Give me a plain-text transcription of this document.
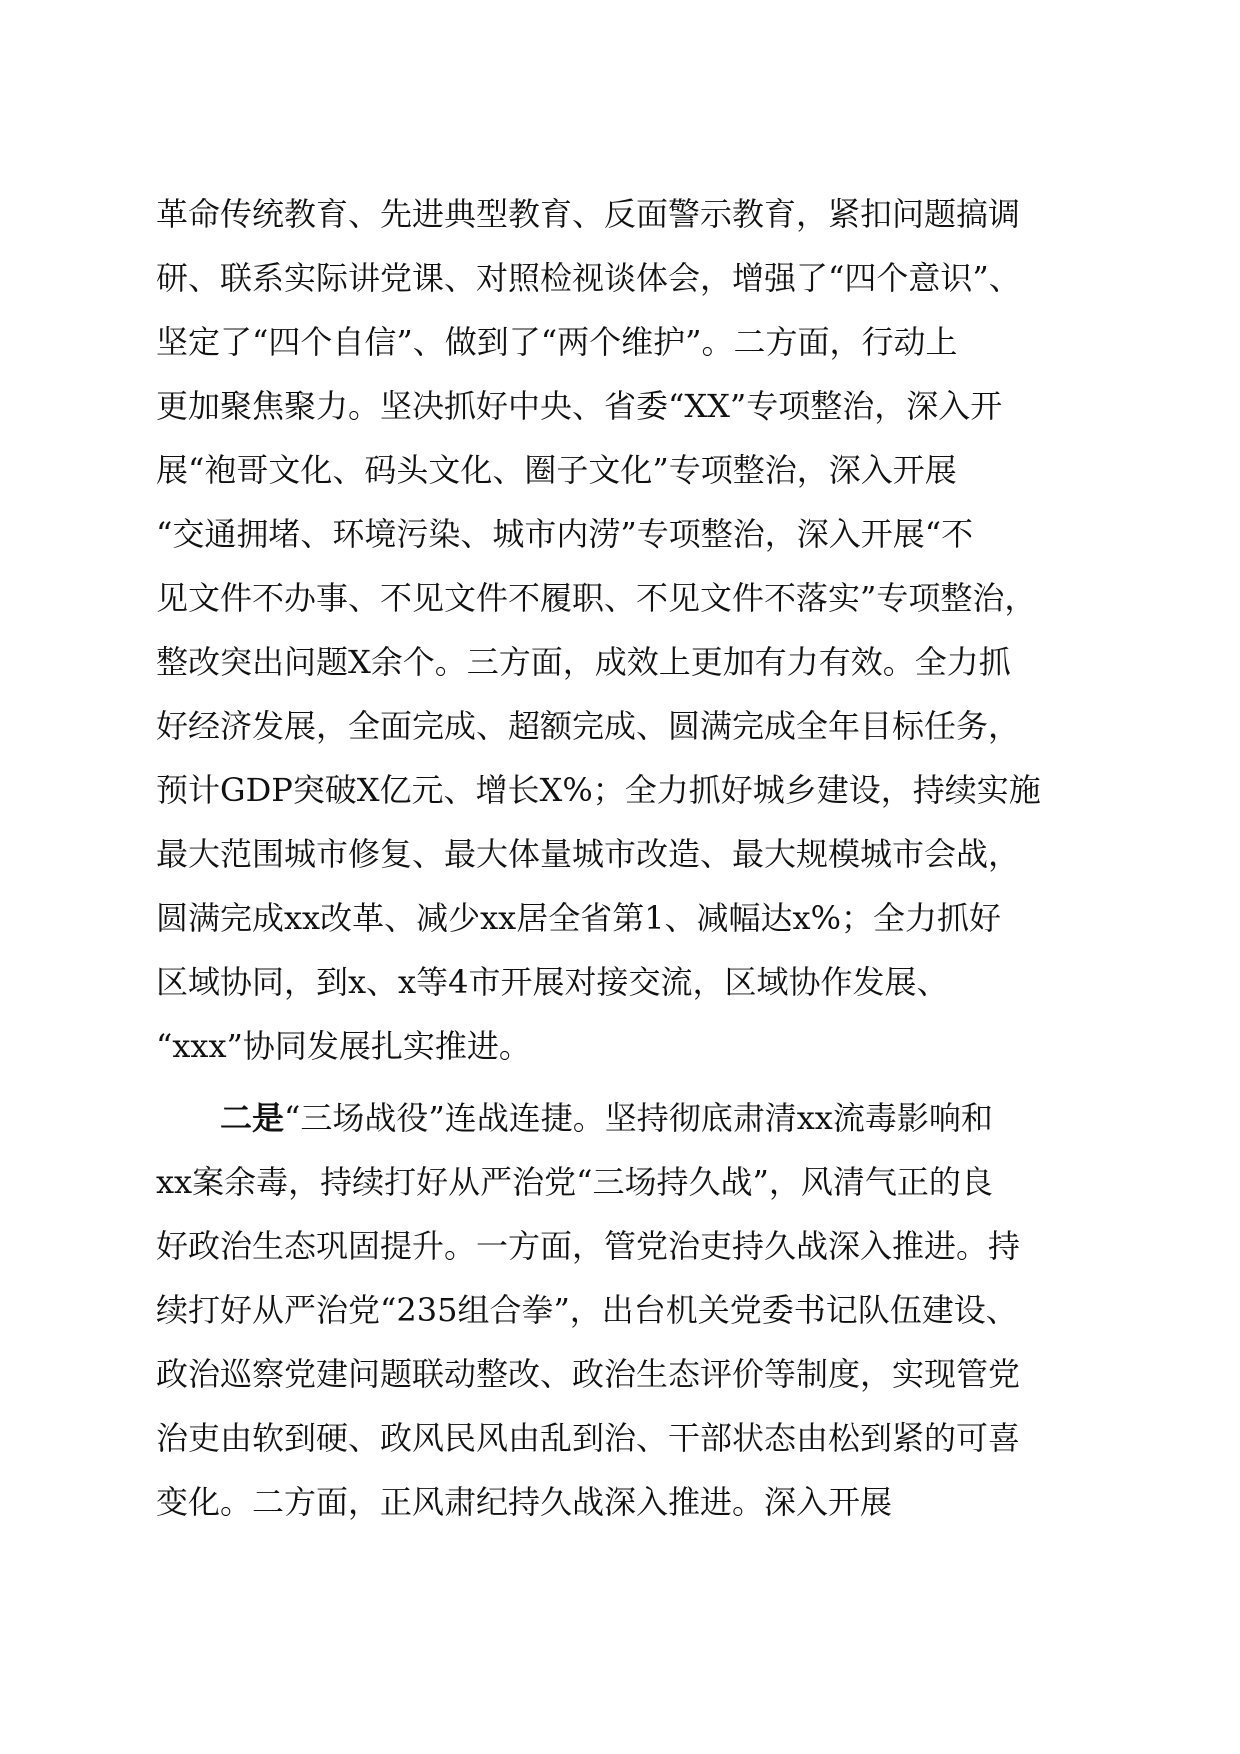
革命传统教育、先进典型教育、反面警示教育，紧扣问题搞调
研、联系实际讲党课、对照检视谈体会，增强了“四个意识”、
坚定了“四个自信”、做到了“两个维护”。二方面，行动上
更加聚焦聚力。坚决抓好中央、省委“XX”专项整治，深入开
展“袍哥文化、码头文化、圈子文化”专项整治，深入开展
“交通拥堵、环境污染、城市内涝”专项整治，深入开展“不
见文件不办事、不见文件不履职、不见文件不落实”专项整治，
整改突出问题X余个。三方面，成效上更加有力有效。全力抓
好经济发展，全面完成、超额完成、圆满完成全年目标任务，
预计GDP突破X亿元、增长X%；全力抓好城乡建设，持续实施
最大范围城市修复、最大体量城市改造、最大规模城市会战，
圆满完成xx改革、减少xx居全省第1、减幅达x%；全力抓好
区域协同，到x、x等4市开展对接交流，区域协作发展、
“xxx”协同发展扎实推进。
二是“三场战役”连战连捷。坚持彻底肃清xx流毒影响和
xx案余毒，持续打好从严治党“三场持久战”，风清气正的良
好政治生态巩固提升。一方面，管党治吏持久战深入推进。持
续打好从严治党“235组合拳”，出台机关党委书记队伍建设、
政治巡察党建问题联动整改、政治生态评价等制度，实现管党
治吏由软到硬、政风民风由乱到治、干部状态由松到紧的可喜
变化。二方面，正风肃纪持久战深入推进。深入开展
